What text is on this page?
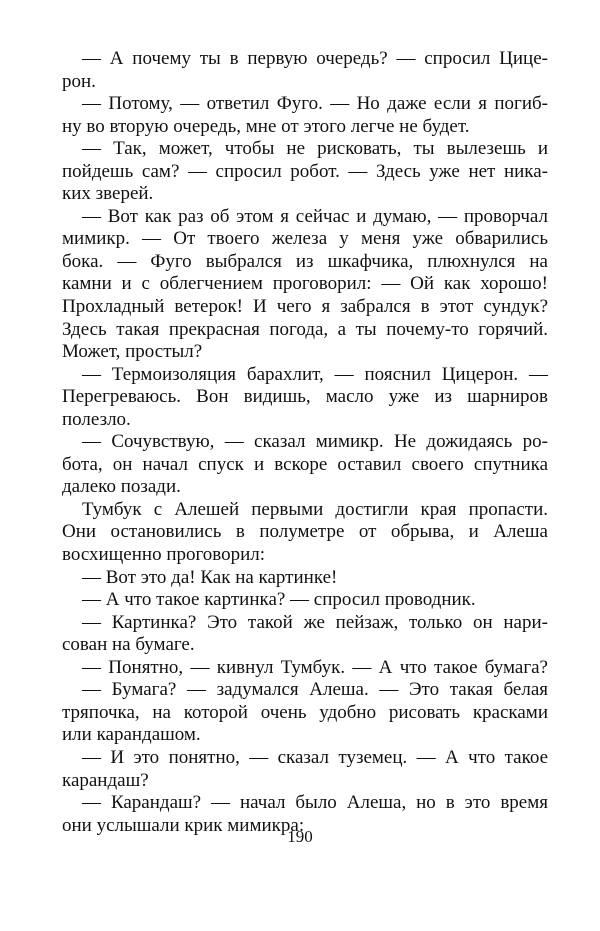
— А почему ты в первую очередь? — спросил Цице-
рон.
— Потому, — ответил Фуго. — Но даже если я погиб-
ну во вторую очередь, мне от этого легче не будет.
— Так, может, чтобы не рисковать, ты вылезешь и
пойдешь сам? — спросил робот. — Здесь уже нет ника-
ких зверей.
— Вот как раз об этом я сейчас и думаю, — проворчал
мимикр. — От твоего железа у меня уже обварились
бока. — Фуго выбрался из шкафчика, плюхнулся на
камни и с облегчением проговорил: — Ой как хорошо!
Прохладный ветерок! И чего я забрался в этот сундук?
Здесь такая прекрасная погода, а ты почему-то горячий.
Может, простыл?
— Термоизоляция барахлит, — пояснил Цицерон. —
Перегреваюсь. Вон видишь, масло уже из шарниров
полезло.
— Сочувствую, — сказал мимикр. Не дожидаясь ро-
бота, он начал спуск и вскоре оставил своего спутника
далеко позади.
Тумбук с Алешей первыми достигли края пропасти.
Они остановились в полуметре от обрыва, и Алеша
восхищенно проговорил:
— Вот это да! Как на картинке!
— А что такое картинка? — спросил проводник.
— Картинка? Это такой же пейзаж, только он нари-
сован на бумаге.
— Понятно, — кивнул Тумбук. — А что такое бумага?
— Бумага? — задумался Алеша. — Это такая белая
тряпочка, на которой очень удобно рисовать красками
или карандашом.
— И это понятно, — сказал туземец. — А что такое
карандаш?
— Карандаш? — начал было Алеша, но в это время
они услышали крик мимикра:
190
